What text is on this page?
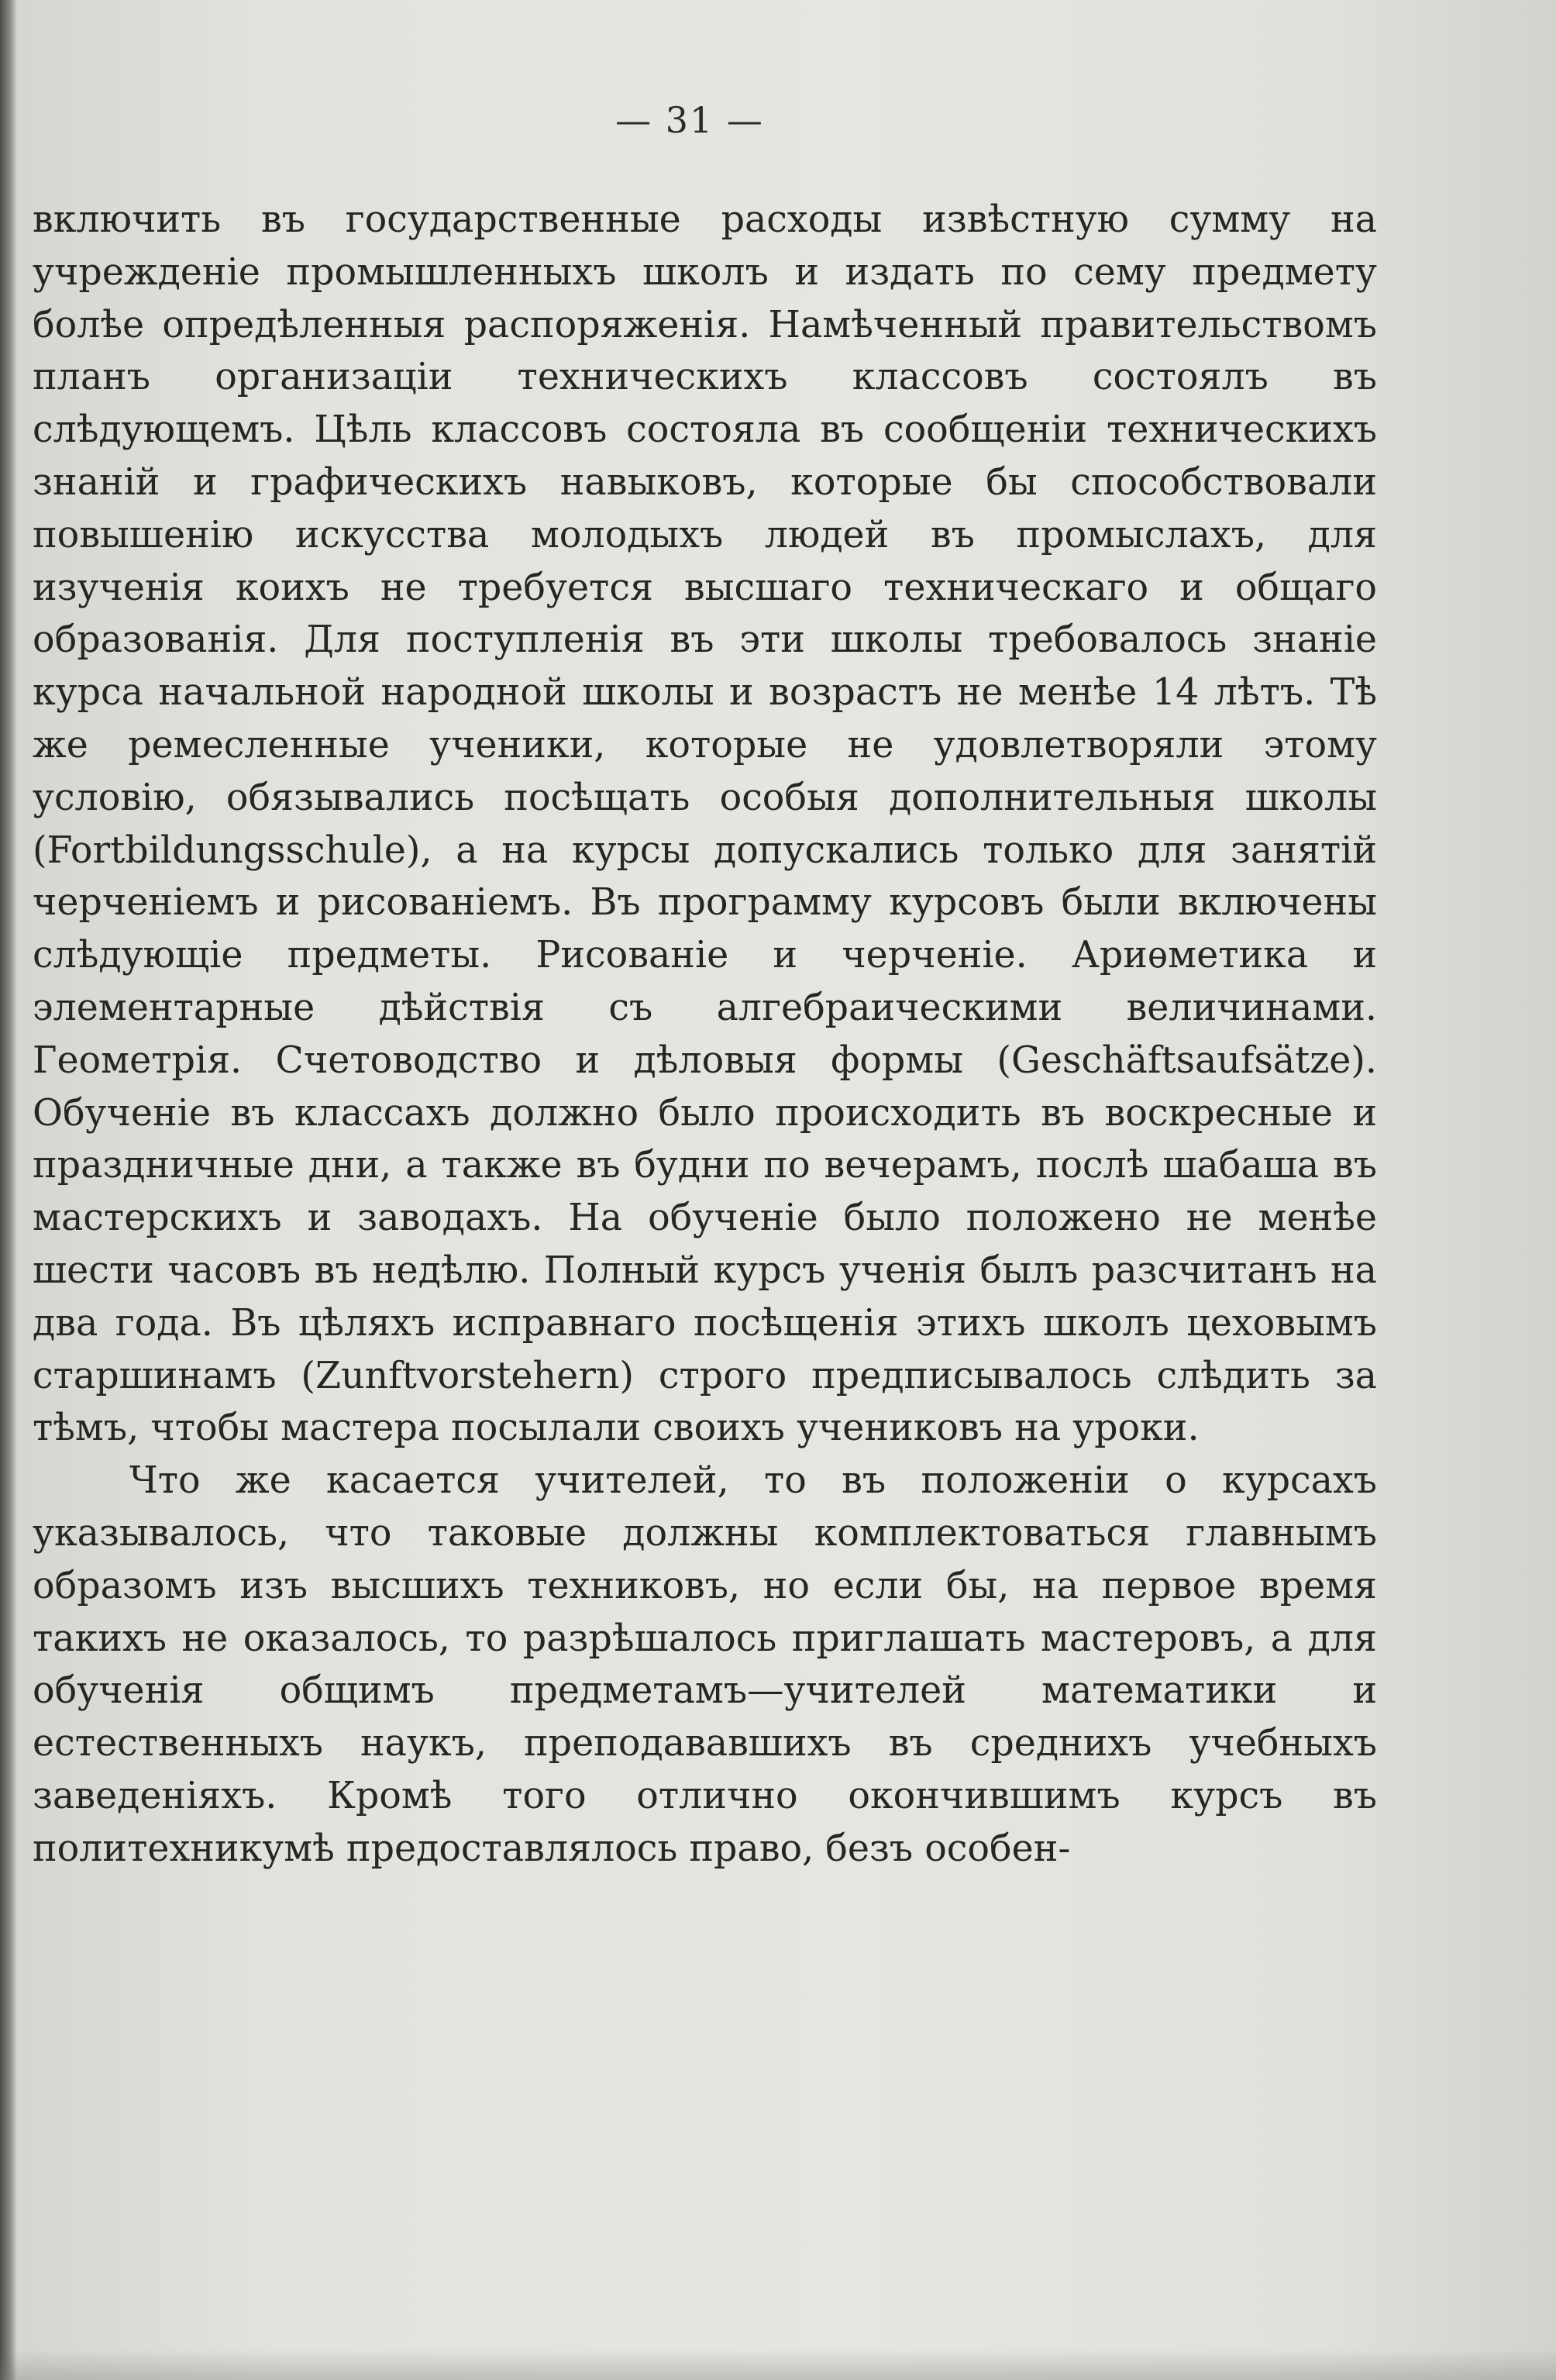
— 31 —

включить въ государственные расходы извѣстную сумму на учрежденіе промышленныхъ школъ и издать по сему предмету болѣе опредѣленныя распоряженія. Намѣченный правительствомъ планъ организаціи техническихъ классовъ состоялъ въ слѣдующемъ. Цѣль классовъ состояла въ сообщеніи техническихъ знаній и графическихъ навыковъ, которые бы способствовали повышенію искусства молодыхъ людей въ промыслахъ, для изученія коихъ не требуется высшаго техническаго и общаго образованія. Для поступленія въ эти школы требовалось знаніе курса начальной народной школы и возрастъ не менѣе 14 лѣтъ. Тѣ же ремесленные ученики, которые не удовлетворяли этому условію, обязывались посѣщать особыя дополнительныя школы (Fortbildungsschule), а на курсы допускались только для занятій черченіемъ и рисованіемъ. Въ программу курсовъ были включены слѣдующіе предметы. Рисованіе и черченіе. Ариѳметика и элементарные дѣйствія съ алгебраическими величинами. Геометрія. Счетоводство и дѣловыя формы (Geschäftsaufsätze). Обученіе въ классахъ должно было происходить въ воскресные и праздничные дни, а также въ будни по вечерамъ, послѣ шабаша въ мастерскихъ и заводахъ. На обученіе было положено не менѣе шести часовъ въ недѣлю. Полный курсъ ученія былъ разсчитанъ на два года. Въ цѣляхъ исправнаго посѣщенія этихъ школъ цеховымъ старшинамъ (Zunftvorstehern) строго предписывалось слѣдить за тѣмъ, чтобы мастера посылали своихъ учениковъ на уроки.

Что же касается учителей, то въ положеніи о курсахъ указывалось, что таковые должны комплектоваться главнымъ образомъ изъ высшихъ техниковъ, но если бы, на первое время такихъ не оказалось, то разрѣшалось приглашать мастеровъ, а для обученія общимъ предметамъ—учителей математики и естественныхъ наукъ, преподававшихъ въ среднихъ учебныхъ заведеніяхъ. Кромѣ того отлично окончившимъ курсъ въ политехникумѣ предоставлялось право, безъ особен-
